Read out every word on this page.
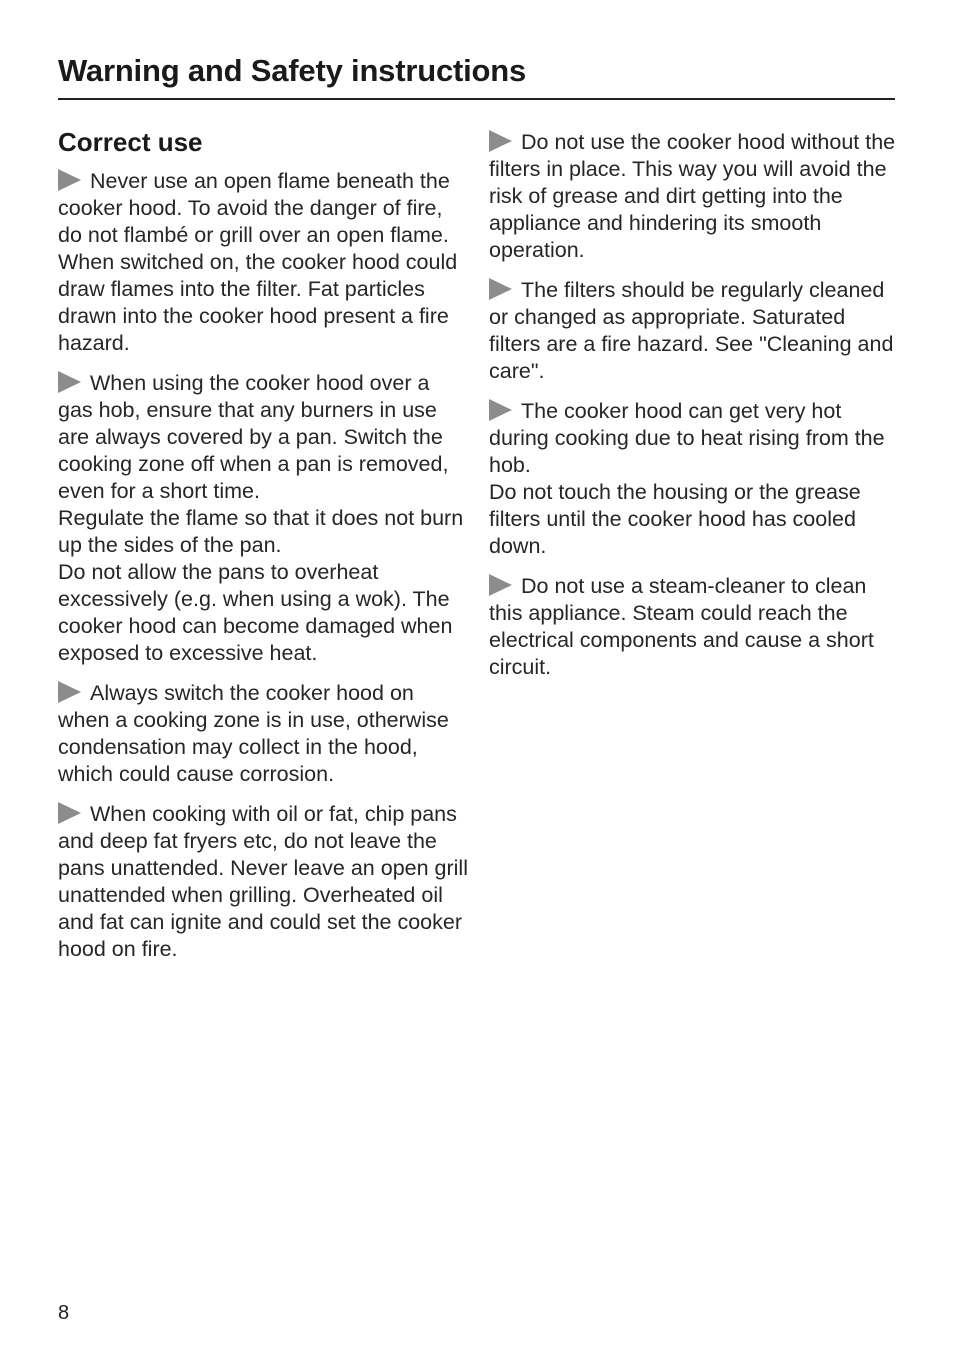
Warning and Safety instructions
Correct use

Never use an open flame beneath the cooker hood. To avoid the danger of fire, do not flambé or grill over an open flame.
When switched on, the cooker hood could draw flames into the filter. Fat particles drawn into the cooker hood present a fire hazard.

When using the cooker hood over a gas hob, ensure that any burners in use are always covered by a pan. Switch the cooking zone off when a pan is removed, even for a short time.
Regulate the flame so that it does not burn up the sides of the pan.
Do not allow the pans to overheat excessively (e.g. when using a wok). The cooker hood can become damaged when exposed to excessive heat.

Always switch the cooker hood on when a cooking zone is in use, otherwise condensation may collect in the hood, which could cause corrosion.

When cooking with oil or fat, chip pans and deep fat fryers etc, do not leave the pans unattended. Never leave an open grill unattended when grilling. Overheated oil and fat can ignite and could set the cooker hood on fire.

Do not use the cooker hood without the filters in place. This way you will avoid the risk of grease and dirt getting into the appliance and hindering its smooth operation.

The filters should be regularly cleaned or changed as appropriate. Saturated filters are a fire hazard. See "Cleaning and care".

The cooker hood can get very hot during cooking due to heat rising from the hob.
Do not touch the housing or the grease filters until the cooker hood has cooled down.

Do not use a steam-cleaner to clean this appliance. Steam could reach the electrical components and cause a short circuit.

8
